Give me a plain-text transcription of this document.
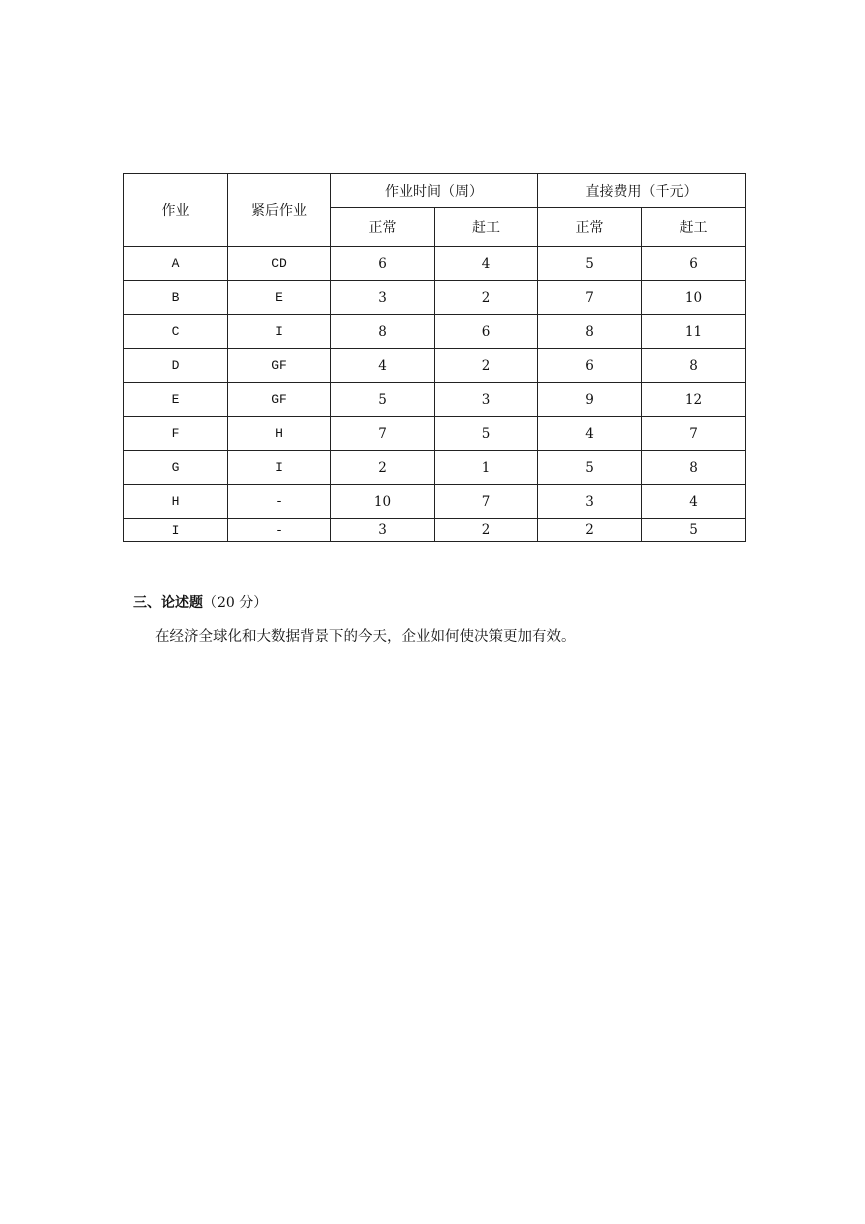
作业	紧后作业	作业时间（周）		直接费用（千元）	
		正常	赶工	正常	赶工
A	CD	6	4	5	6
B	E	3	2	7	10
C	I	8	6	8	11
D	GF	4	2	6	8
E	GF	5	3	9	12
F	H	7	5	4	7
G	I	2	1	5	8
H	-	10	7	3	4
I	-	3	2	2	5
三、论述题（20 分）
在经济全球化和大数据背景下的今天，企业如何使决策更加有效。
